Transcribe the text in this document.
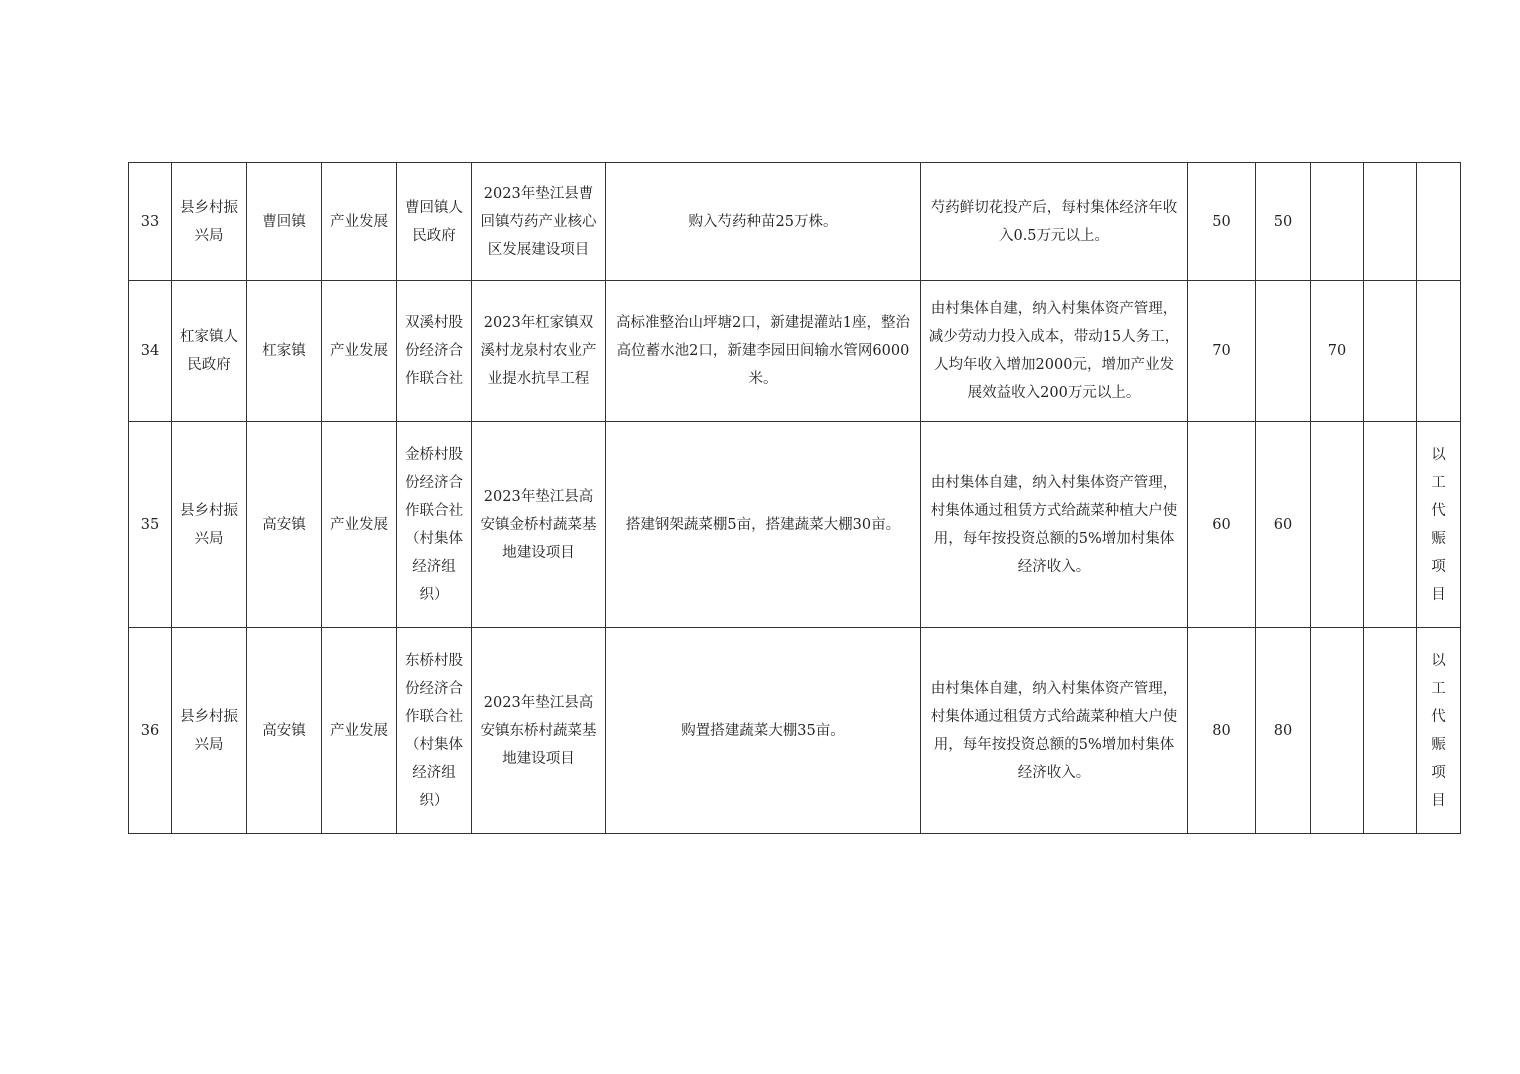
33	县乡村振兴局	曹回镇	产业发展	曹回镇人民政府	2023年垫江县曹回镇芍药产业核心区发展建设项目	购入芍药种苗25万株。	芍药鲜切花投产后，每村集体经济年收入0.5万元以上。	50	50			

34	杠家镇人民政府	杠家镇	产业发展	双溪村股份经济合作联合社	2023年杠家镇双溪村龙泉村农业产业提水抗旱工程	高标准整治山坪塘2口，新建提灌站1座，整治高位蓄水池2口，新建李园田间输水管网6000米。	由村集体自建，纳入村集体资产管理，减少劳动力投入成本，带动15人务工，人均年收入增加2000元，增加产业发展效益收入200万元以上。	70		70		

35	县乡村振兴局	高安镇	产业发展	金桥村股份经济合作联合社（村集体经济组织）	2023年垫江县高安镇金桥村蔬菜基地建设项目	搭建钢架蔬菜棚5亩，搭建蔬菜大棚30亩。	由村集体自建，纳入村集体资产管理，村集体通过租赁方式给蔬菜种植大户使用，每年按投资总额的5%增加村集体经济收入。	60	60			以工代赈项目

36	县乡村振兴局	高安镇	产业发展	东桥村股份经济合作联合社（村集体经济组织）	2023年垫江县高安镇东桥村蔬菜基地建设项目	购置搭建蔬菜大棚35亩。	由村集体自建，纳入村集体资产管理，村集体通过租赁方式给蔬菜种植大户使用，每年按投资总额的5%增加村集体经济收入。	80	80			以工代赈项目
